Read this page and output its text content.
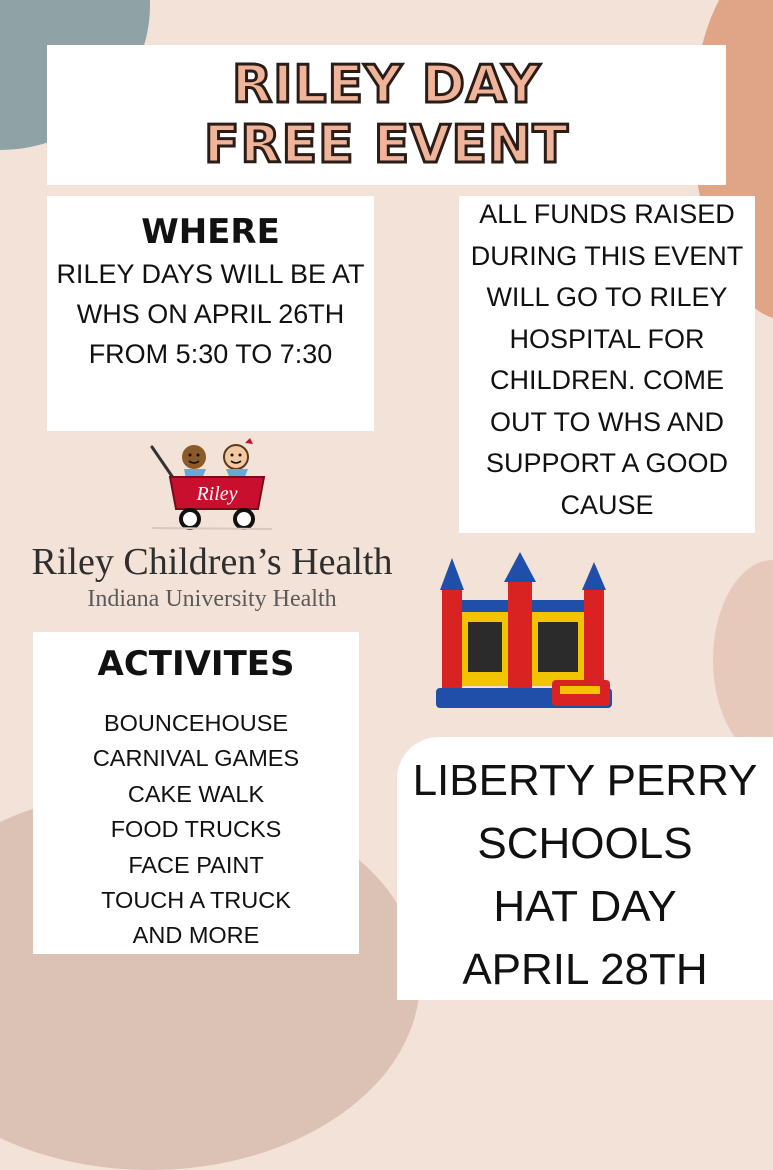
RILEY DAY
FREE EVENT
WHERE
RILEY DAYS WILL BE AT WHS ON APRIL 26TH FROM 5:30 TO 7:30
ALL FUNDS RAISED DURING THIS EVENT WILL GO TO RILEY HOSPITAL FOR CHILDREN. COME OUT TO WHS AND SUPPORT A GOOD CAUSE
Riley
Riley Children’s Health
Indiana University Health
ACTIVITES
BOUNCEHOUSE
CARNIVAL GAMES
CAKE WALK
FOOD TRUCKS
FACE PAINT
TOUCH A TRUCK
AND MORE
LIBERTY PERRY
SCHOOLS
HAT DAY
APRIL 28TH
